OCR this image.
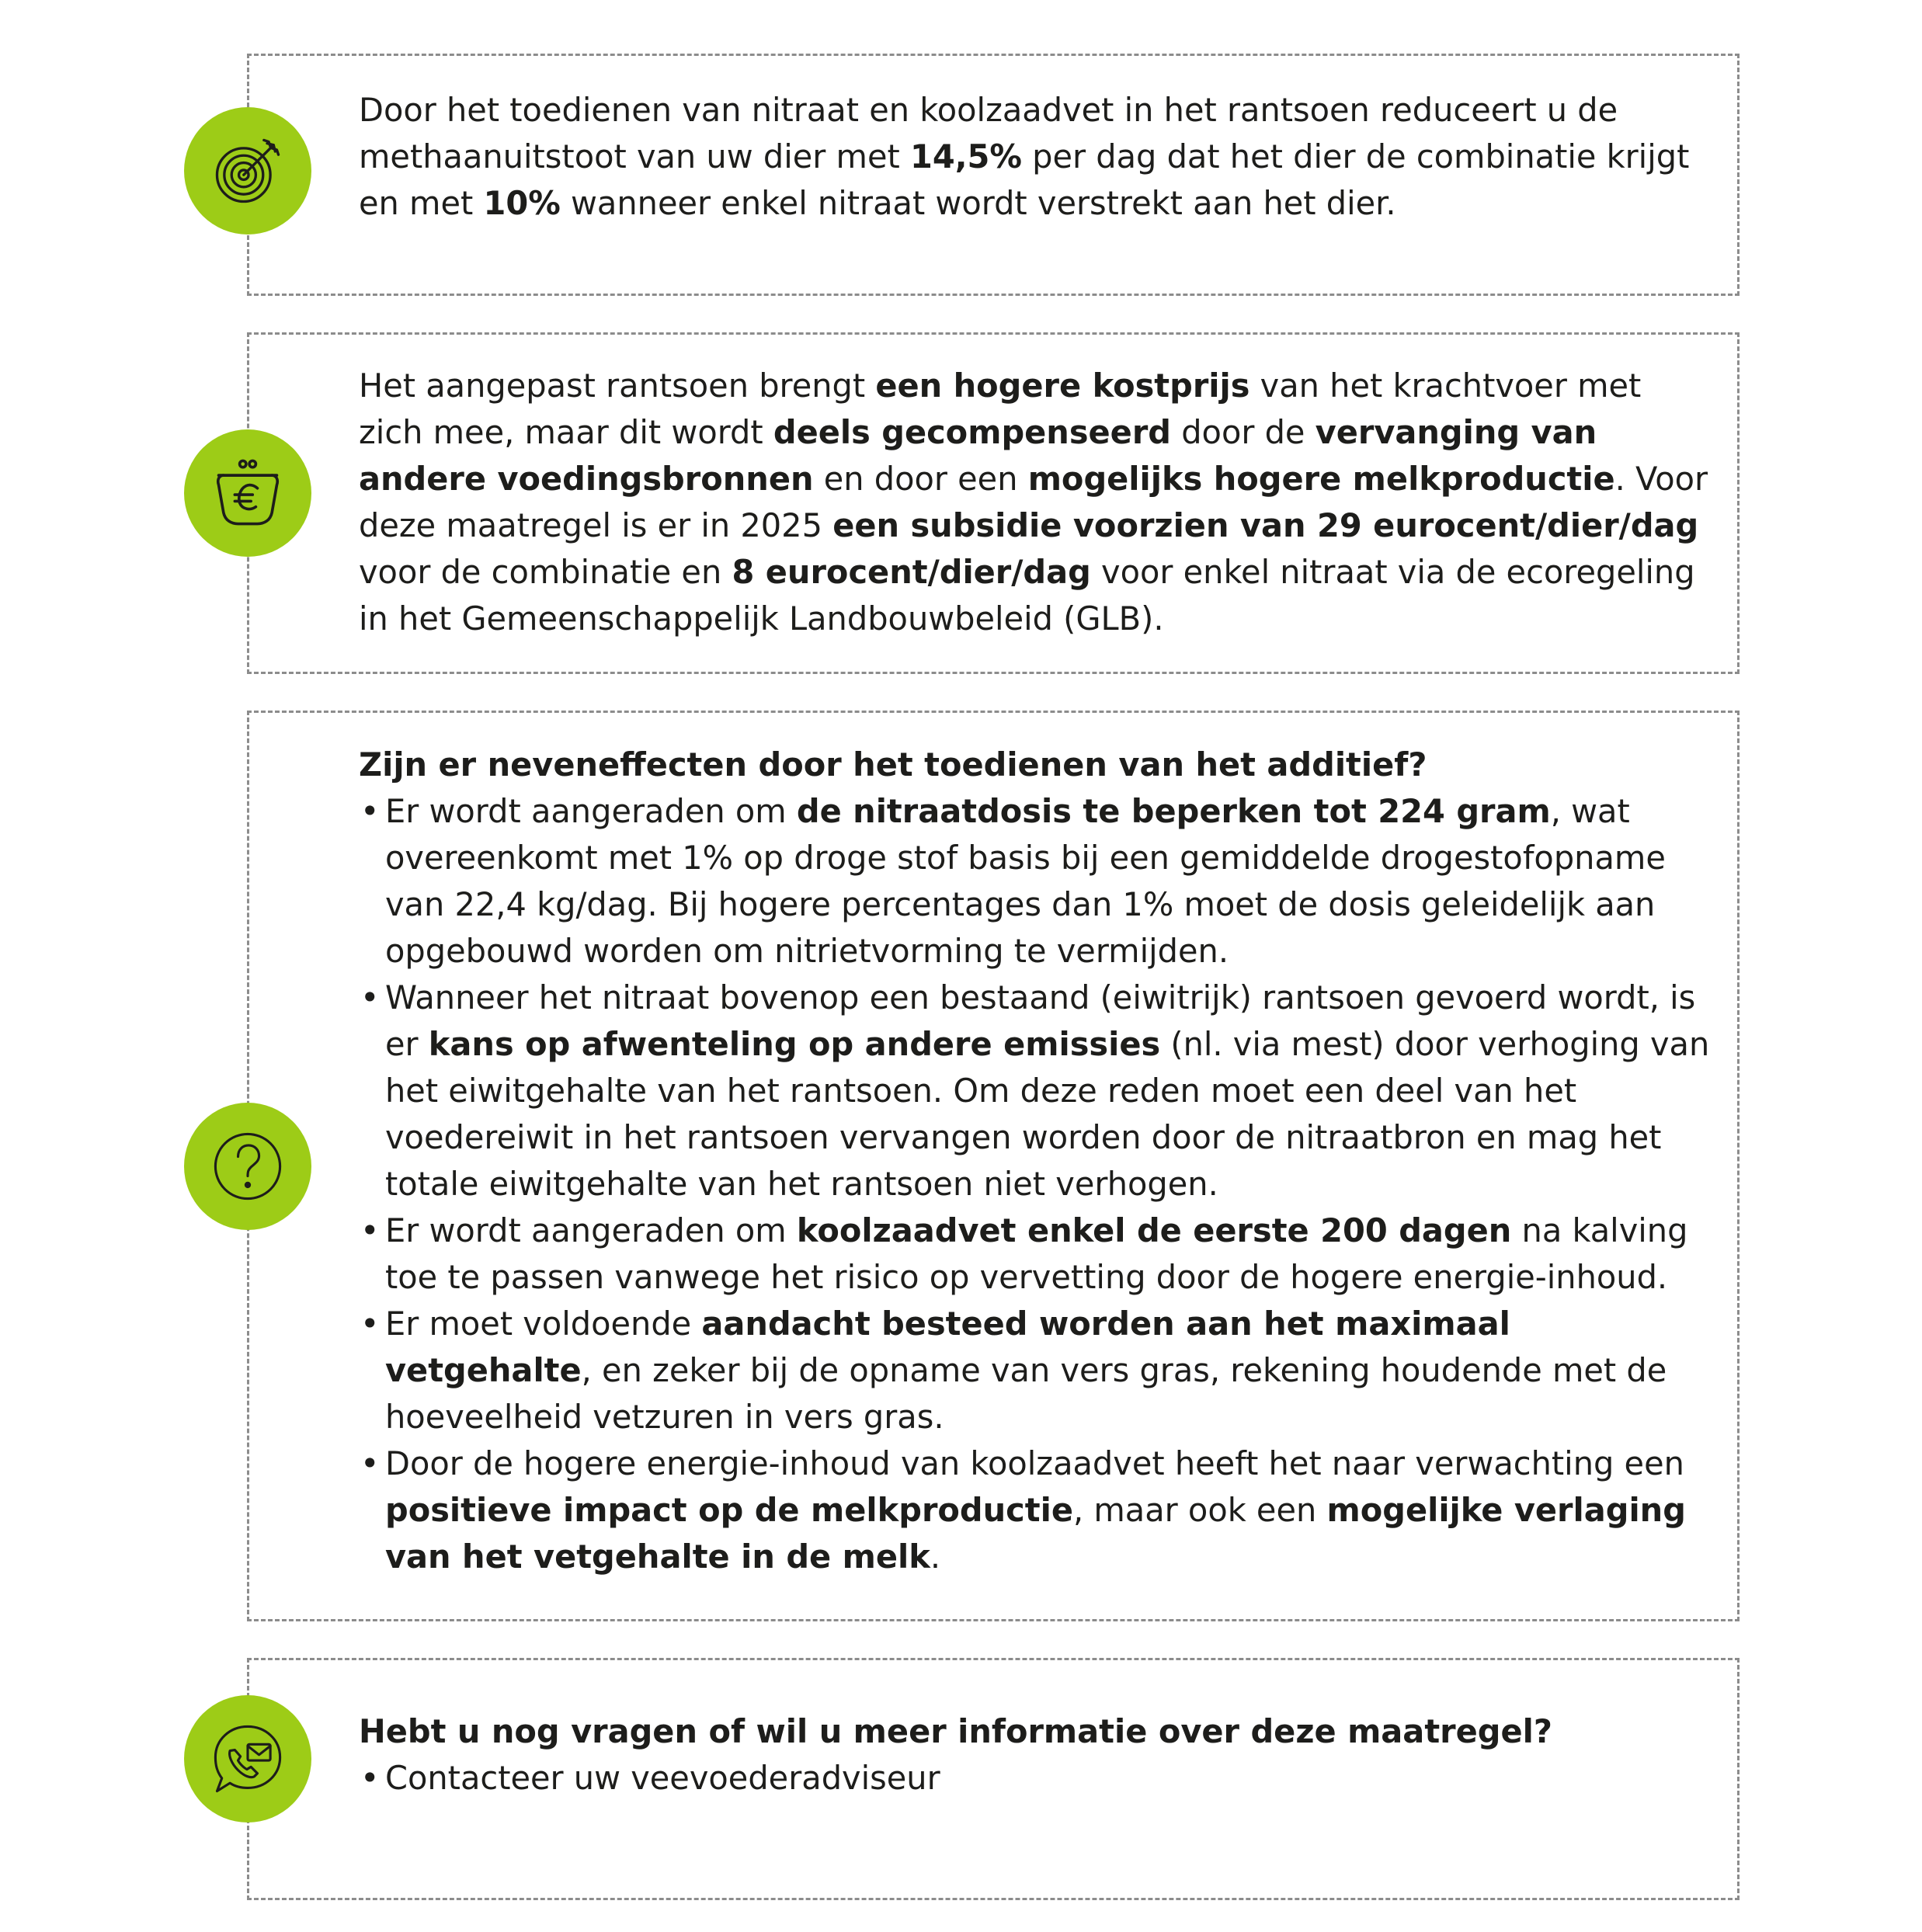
Door het toedienen van nitraat en koolzaadvet in het rantsoen reduceert u de methaanuitstoot van uw dier met 14,5% per dag dat het dier de combinatie krijgt en met 10% wanneer enkel nitraat wordt verstrekt aan het dier.

Het aangepast rantsoen brengt een hogere kostprijs van het krachtvoer met zich mee, maar dit wordt deels gecompenseerd door de vervanging van andere voedingsbronnen en door een mogelijks hogere melkproductie. Voor deze maatregel is er in 2025 een subsidie voorzien van 29 eurocent/dier/dag voor de combinatie en 8 eurocent/dier/dag voor enkel nitraat via de ecoregeling in het Gemeenschappelijk Landbouwbeleid (GLB).

Zijn er neveneffecten door het toedienen van het additief?

• Er wordt aangeraden om de nitraatdosis te beperken tot 224 gram, wat overeenkomt met 1% op droge stof basis bij een gemiddelde drogestofopname van 22,4 kg/dag. Bij hogere percentages dan 1% moet de dosis geleidelijk aan opgebouwd worden om nitrietvorming te vermijden.
• Wanneer het nitraat bovenop een bestaand (eiwitrijk) rantsoen gevoerd wordt, is er kans op afwenteling op andere emissies (nl. via mest) door verhoging van het eiwitgehalte van het rantsoen. Om deze reden moet een deel van het voedereiwit in het rantsoen vervangen worden door de nitraatbron en mag het totale eiwitgehalte van het rantsoen niet verhogen.
• Er wordt aangeraden om koolzaadvet enkel de eerste 200 dagen na kalving toe te passen vanwege het risico op vervetting door de hogere energie-inhoud.
• Er moet voldoende aandacht besteed worden aan het maximaal vetgehalte, en zeker bij de opname van vers gras, rekening houdende met de hoeveelheid vetzuren in vers gras.
• Door de hogere energie-inhoud van koolzaadvet heeft het naar verwachting een positieve impact op de melkproductie, maar ook een mogelijke verlaging van het vetgehalte in de melk.

Hebt u nog vragen of wil u meer informatie over deze maatregel?

• Contacteer uw veevoederadviseur
